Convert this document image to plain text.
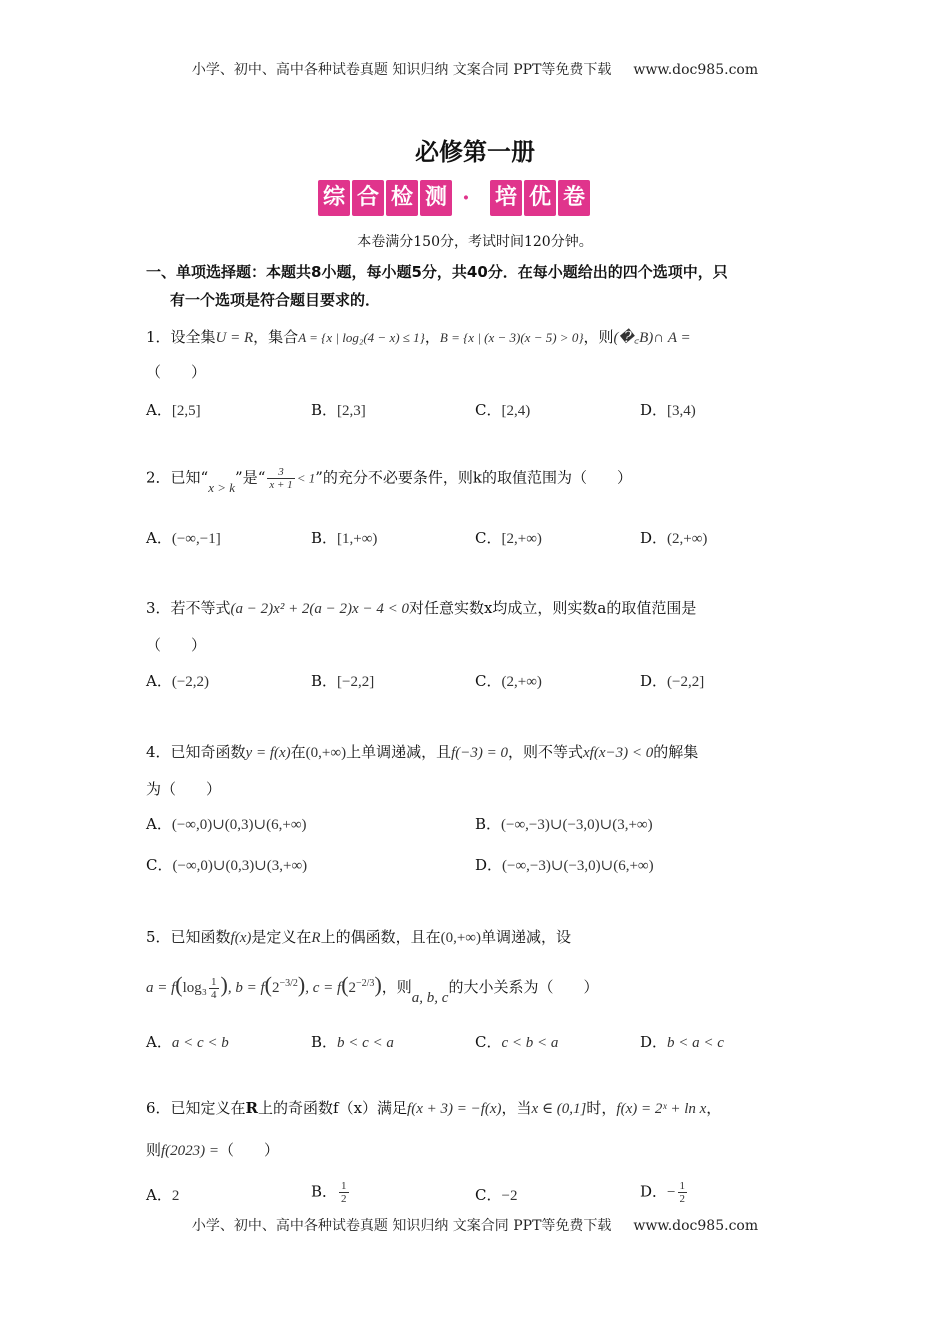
小学、初中、高中各种试卷真题 知识归纳 文案合同 PPT等免费下载 www.doc985.com
必修第一册
综 合 检 测 · 培 优 卷
本卷满分150分，考试时间120分钟。
一、单项选择题：本题共8小题，每小题5分，共40分．在每小题给出的四个选项中，只
有一个选项是符合题目要求的．
1．设全集U = R，集合A = {x | log₂(4 − x) ≤ 1}，B = {x | (x − 3)(x − 5) > 0}，则(�꜀B)∩ A =
（　　）
A．[2,5]	B．[2,3]	C．[2,4)	D．[3,4)
2．已知“x > k”是“ $\frac{3}{x + 1} < 1$”的充分不必要条件，则k的取值范围为（　　）
A．(−∞,−1]	B．[1,+∞)	C．[2,+∞)	D．(2,+∞)
3．若不等式(a − 2)x² + 2(a − 2)x − 4 < 0对任意实数x均成立，则实数a的取值范围是
（　　）
A．(−2,2)	B．[−2,2]	C．(2,+∞)	D．(−2,2]
4．已知奇函数y = f(x)在(0,+∞)上单调递减，且f(−3) = 0，则不等式xf(x−3) < 0的解集
为（　　）
A．(−∞,0)∪(0,3)∪(6,+∞)	B．(−∞,−3)∪(−3,0)∪(3,+∞)
C．(−∞,0)∪(0,3)∪(3,+∞)	D．(−∞,−3)∪(−3,0)∪(6,+∞)
5．已知函数f(x)是定义在R上的偶函数，且在(0,+∞)单调递减，设
$a = f(\log_3 \frac{1}{4}$ ), $b = f(2^{-3/2})$, $c = f(2^{-2/3})$，则a, b, c的大小关系为（　　）
A．a < c < b	B．b < c < a	C．c < b < a	D．b < a < c
6．已知定义在R上的奇函数f（x）满足f(x + 3) = −f(x)，当x ∈ (0,1]时，f(x) = 2ˣ + ln x，
则f(2023) =（　　）
A．2	B． $\frac{1}{2}$	C．−2	D．− $\frac{1}{2}$
小学、初中、高中各种试卷真题 知识归纳 文案合同 PPT等免费下载 www.doc985.com
